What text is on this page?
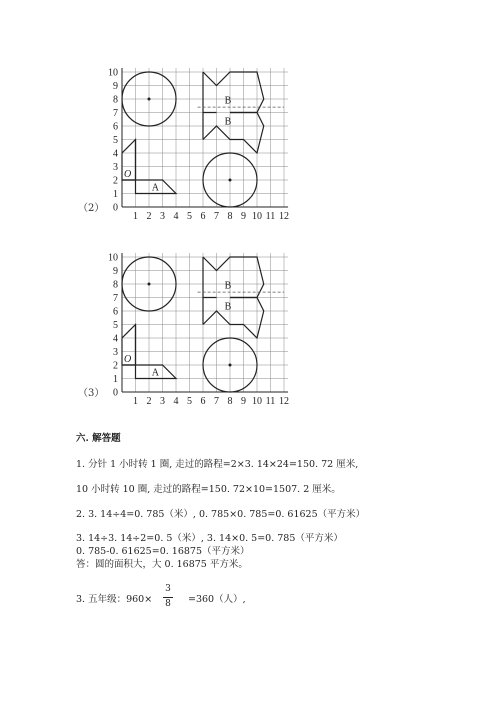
0
1
2
3
4
5
6
7
8
9
10
1 2 3 4 5 6 7 8 9 10 11 12
O
A
B
B
（2）
0
1
2
3
4
5
6
7
8
9
10
1 2 3 4 5 6 7 8 9 10 11 12
O
A
B
B
（3）
六. 解答题
1. 分针 1 小时转 1 圈, 走过的路程=2×3. 14×24=150. 72 厘米,
10 小时转 10 圈, 走过的路程=150. 72×10=1507. 2 厘米。
2. 3. 14÷4=0. 785（米）, 0. 785×0. 785=0. 61625（平方米）
3. 14÷3. 14÷2=0. 5（米）, 3. 14×0. 5=0. 785（平方米）
0. 785-0. 61625=0. 16875（平方米）
答：圆的面积大，大 0. 16875 平方米。
3. 五年级：960×
3
8	=360（人）,
